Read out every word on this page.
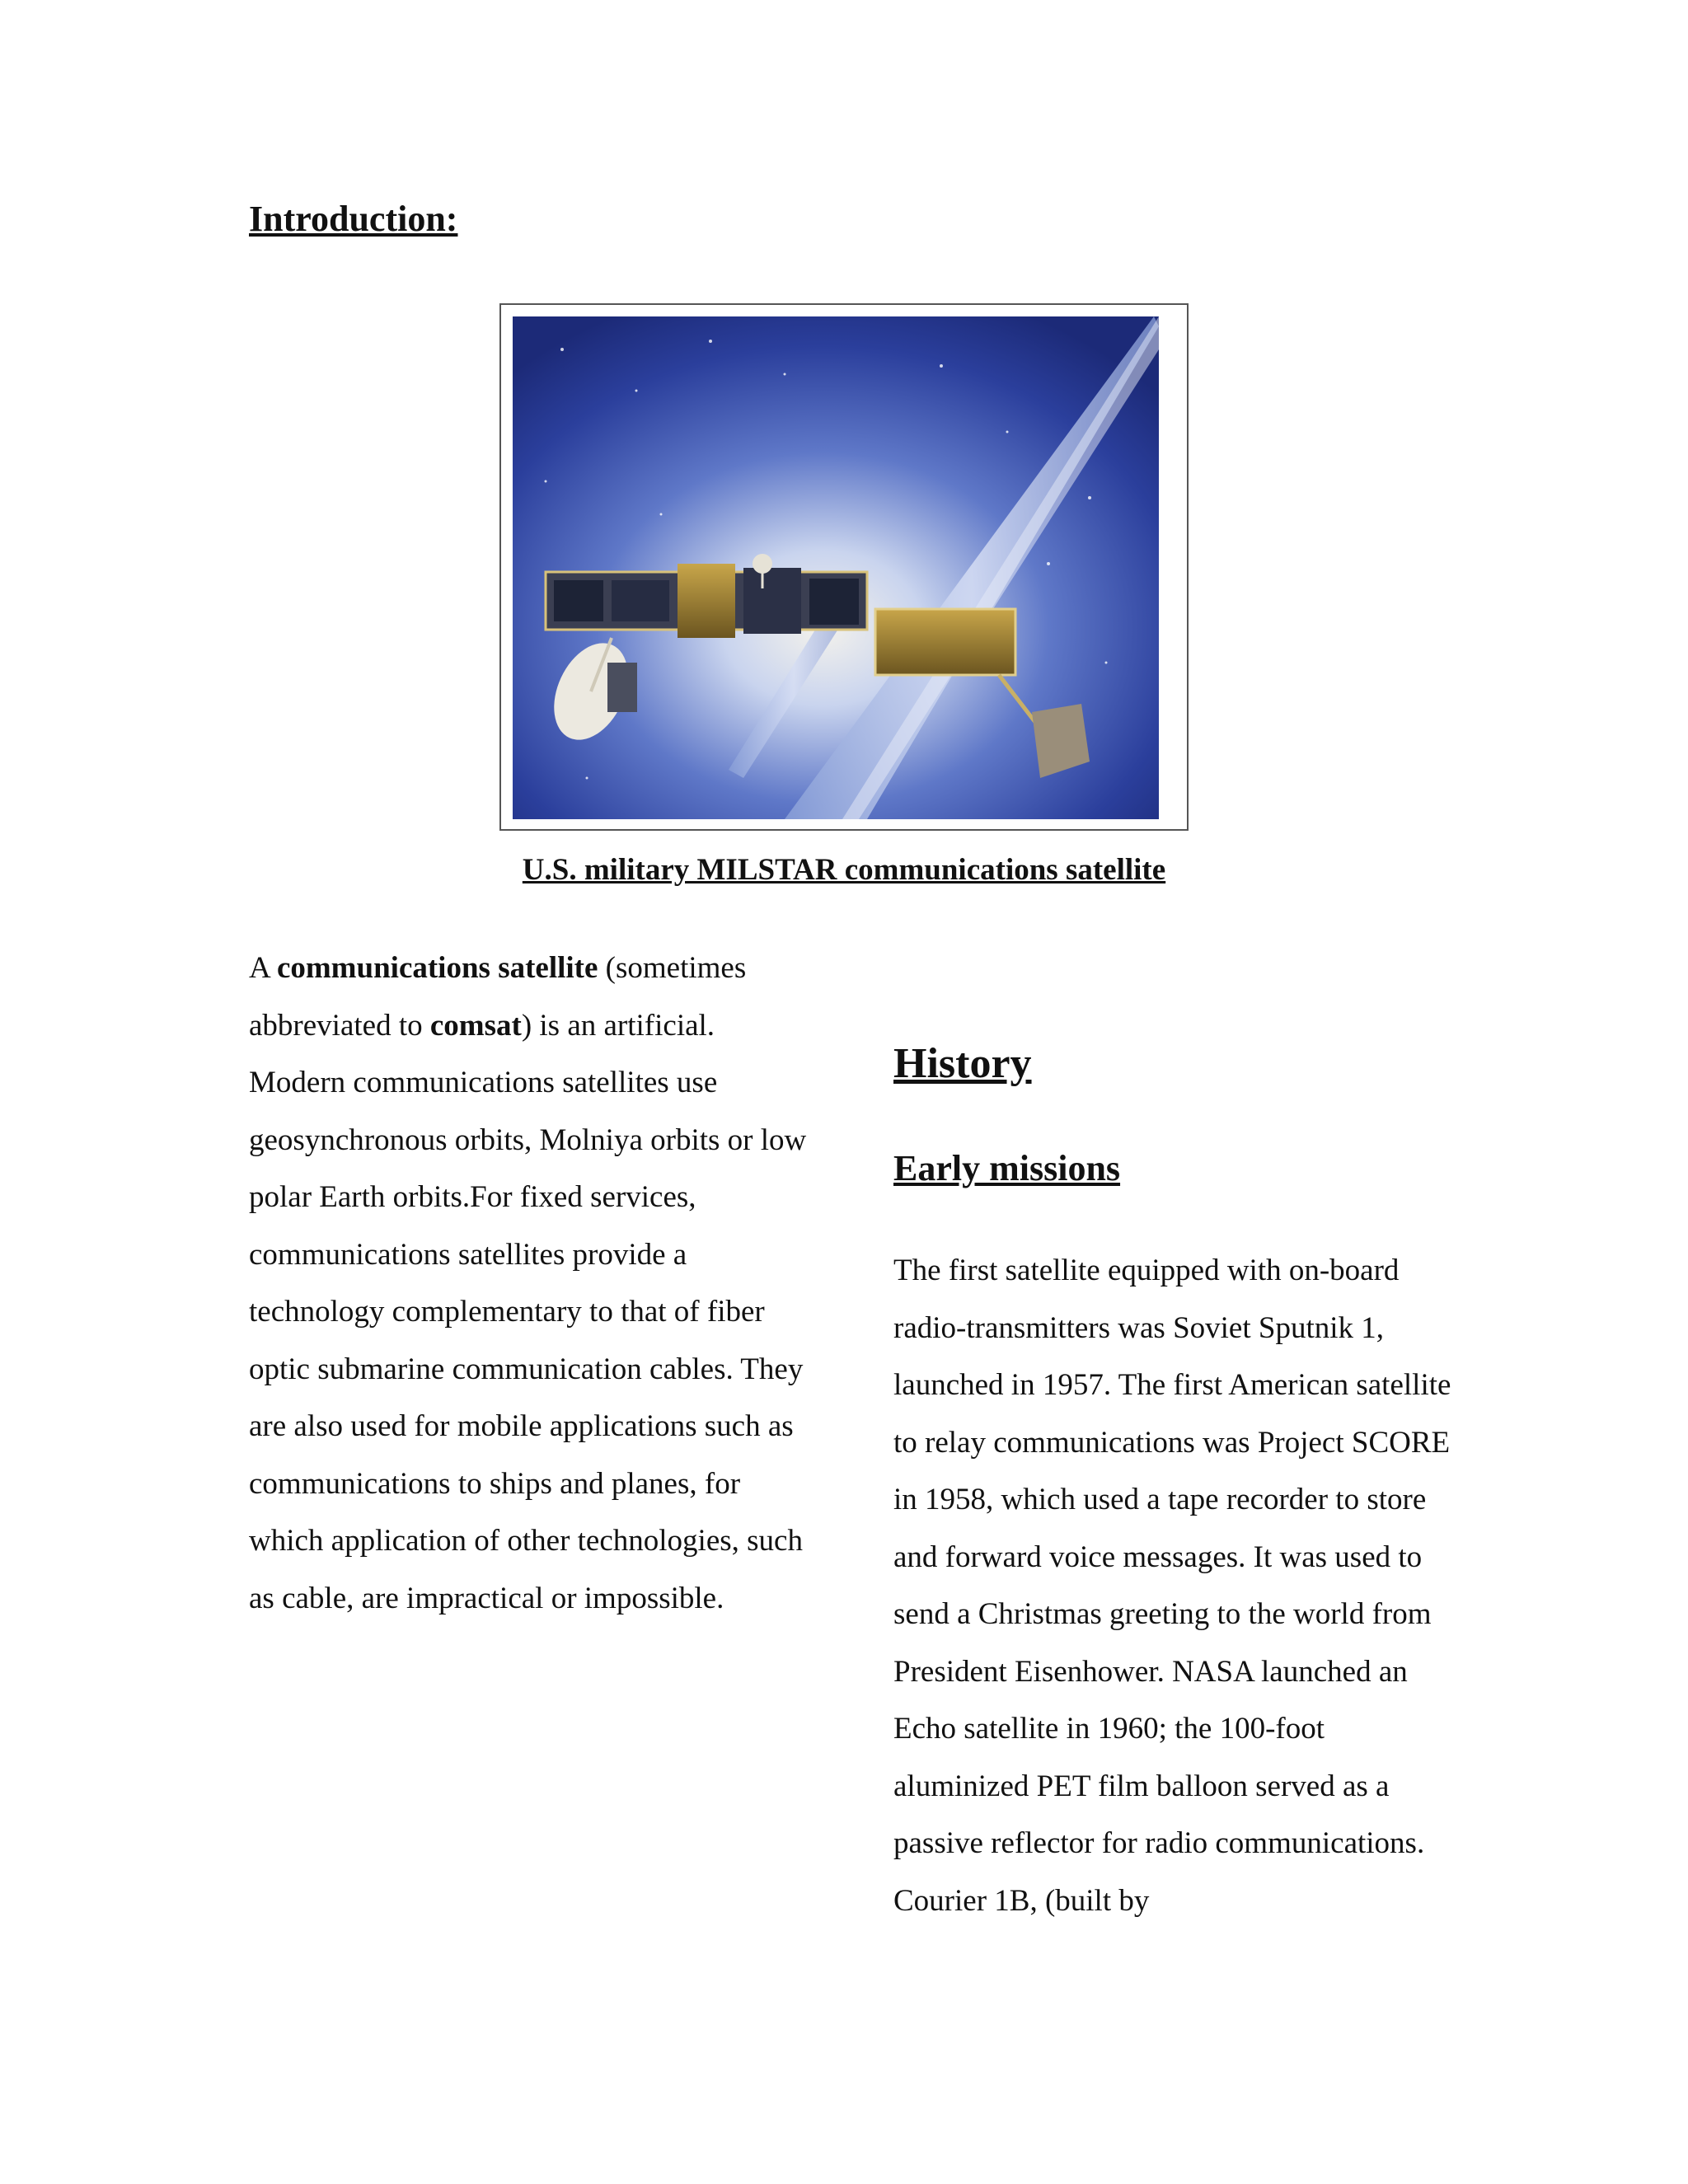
Introduction:
U.S. military MILSTAR communications satellite

A communications satellite (sometimes abbreviated to comsat) is an artificial. Modern communications satellites use geosynchronous orbits, Molniya orbits or low polar Earth orbits.For fixed services, communications satellites provide a technology complementary to that of fiber optic submarine communication cables. They are also used for mobile applications such as communications to ships and planes, for which application of other technologies, such as cable, are impractical or impossible.

History
Early missions

The first satellite equipped with on-board radio-transmitters was Soviet Sputnik 1, launched in 1957. The first American satellite to relay communications was Project SCORE in 1958, which used a tape recorder to store and forward voice messages. It was used to send a Christmas greeting to the world from President Eisenhower. NASA launched an Echo satellite in 1960; the 100-foot aluminized PET film balloon served as a passive reflector for radio communications. Courier 1B, (built by
